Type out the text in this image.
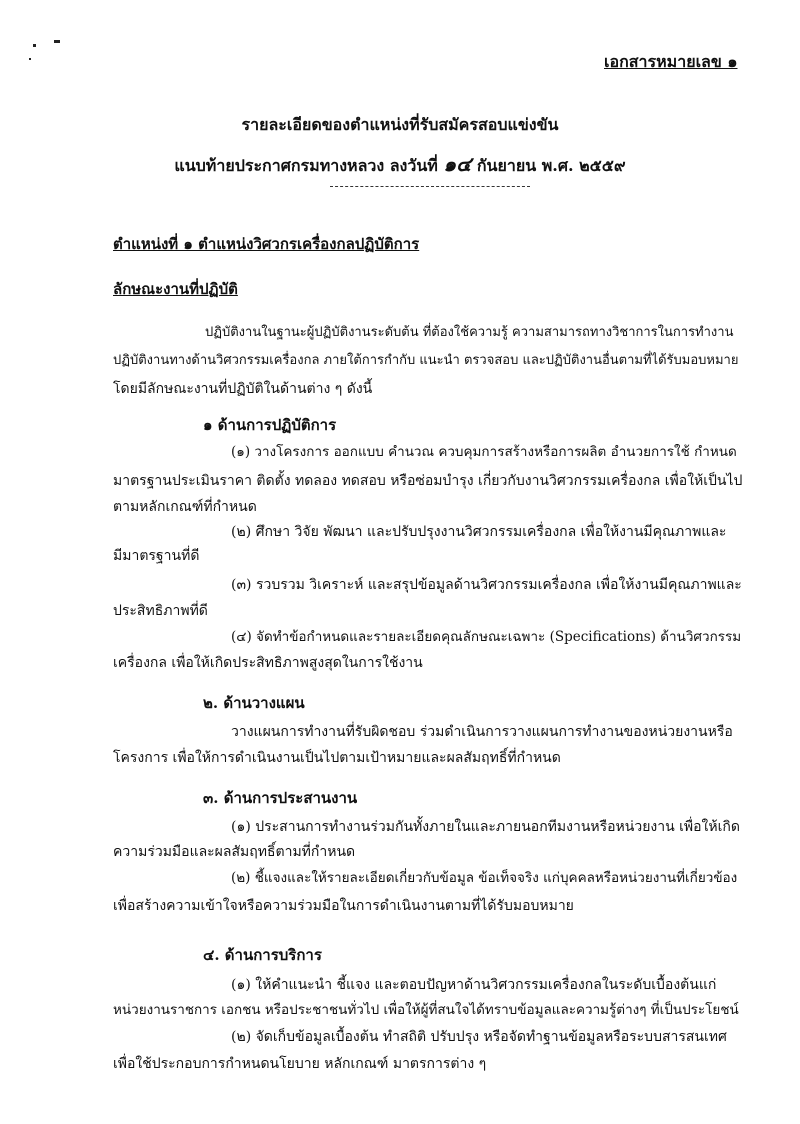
เอกสารหมายเลข ๑
รายละเอียดของตำแหน่งที่รับสมัครสอบแข่งขัน
แนบท้ายประกาศกรมทางหลวง ลงวันที่ ๑๔ กันยายน พ.ศ. ๒๕๕๙
ตำแหน่งที่ ๑ ตำแหน่งวิศวกรเครื่องกลปฏิบัติการ
ลักษณะงานที่ปฏิบัติ
ปฏิบัติงานในฐานะผู้ปฏิบัติงานระดับต้น ที่ต้องใช้ความรู้ ความสามารถทางวิชาการในการทำงาน
ปฏิบัติงานทางด้านวิศวกรรมเครื่องกล ภายใต้การกำกับ แนะนำ ตรวจสอบ และปฏิบัติงานอื่นตามที่ได้รับมอบหมาย
โดยมีลักษณะงานที่ปฏิบัติในด้านต่าง ๆ ดังนี้
๑ ด้านการปฏิบัติการ
(๑) วางโครงการ ออกแบบ คำนวณ ควบคุมการสร้างหรือการผลิต อำนวยการใช้ กำหนด
มาตรฐานประเมินราคา ติดตั้ง ทดลอง ทดสอบ หรือซ่อมบำรุง เกี่ยวกับงานวิศวกรรมเครื่องกล เพื่อให้เป็นไป
ตามหลักเกณฑ์ที่กำหนด
(๒) ศึกษา วิจัย พัฒนา และปรับปรุงงานวิศวกรรมเครื่องกล เพื่อให้งานมีคุณภาพและ
มีมาตรฐานที่ดี
(๓) รวบรวม วิเคราะห์ และสรุปข้อมูลด้านวิศวกรรมเครื่องกล เพื่อให้งานมีคุณภาพและ
ประสิทธิภาพที่ดี
(๔) จัดทำข้อกำหนดและรายละเอียดคุณลักษณะเฉพาะ (Specifications) ด้านวิศวกรรม
เครื่องกล เพื่อให้เกิดประสิทธิภาพสูงสุดในการใช้งาน
๒. ด้านวางแผน
วางแผนการทำงานที่รับผิดชอบ ร่วมดำเนินการวางแผนการทำงานของหน่วยงานหรือ
โครงการ เพื่อให้การดำเนินงานเป็นไปตามเป้าหมายและผลสัมฤทธิ์ที่กำหนด
๓. ด้านการประสานงาน
(๑) ประสานการทำงานร่วมกันทั้งภายในและภายนอกทีมงานหรือหน่วยงาน เพื่อให้เกิด
ความร่วมมือและผลสัมฤทธิ์ตามที่กำหนด
(๒) ชี้แจงและให้รายละเอียดเกี่ยวกับข้อมูล ข้อเท็จจริง แก่บุคคลหรือหน่วยงานที่เกี่ยวข้อง
เพื่อสร้างความเข้าใจหรือความร่วมมือในการดำเนินงานตามที่ได้รับมอบหมาย
๔. ด้านการบริการ
(๑) ให้คำแนะนำ ชี้แจง และตอบปัญหาด้านวิศวกรรมเครื่องกลในระดับเบื้องต้นแก่
หน่วยงานราชการ เอกชน หรือประชาชนทั่วไป เพื่อให้ผู้ที่สนใจได้ทราบข้อมูลและความรู้ต่างๆ ที่เป็นประโยชน์
(๒) จัดเก็บข้อมูลเบื้องต้น ทำสถิติ ปรับปรุง หรือจัดทำฐานข้อมูลหรือระบบสารสนเทศ
เพื่อใช้ประกอบการกำหนดนโยบาย หลักเกณฑ์ มาตรการต่าง ๆ
